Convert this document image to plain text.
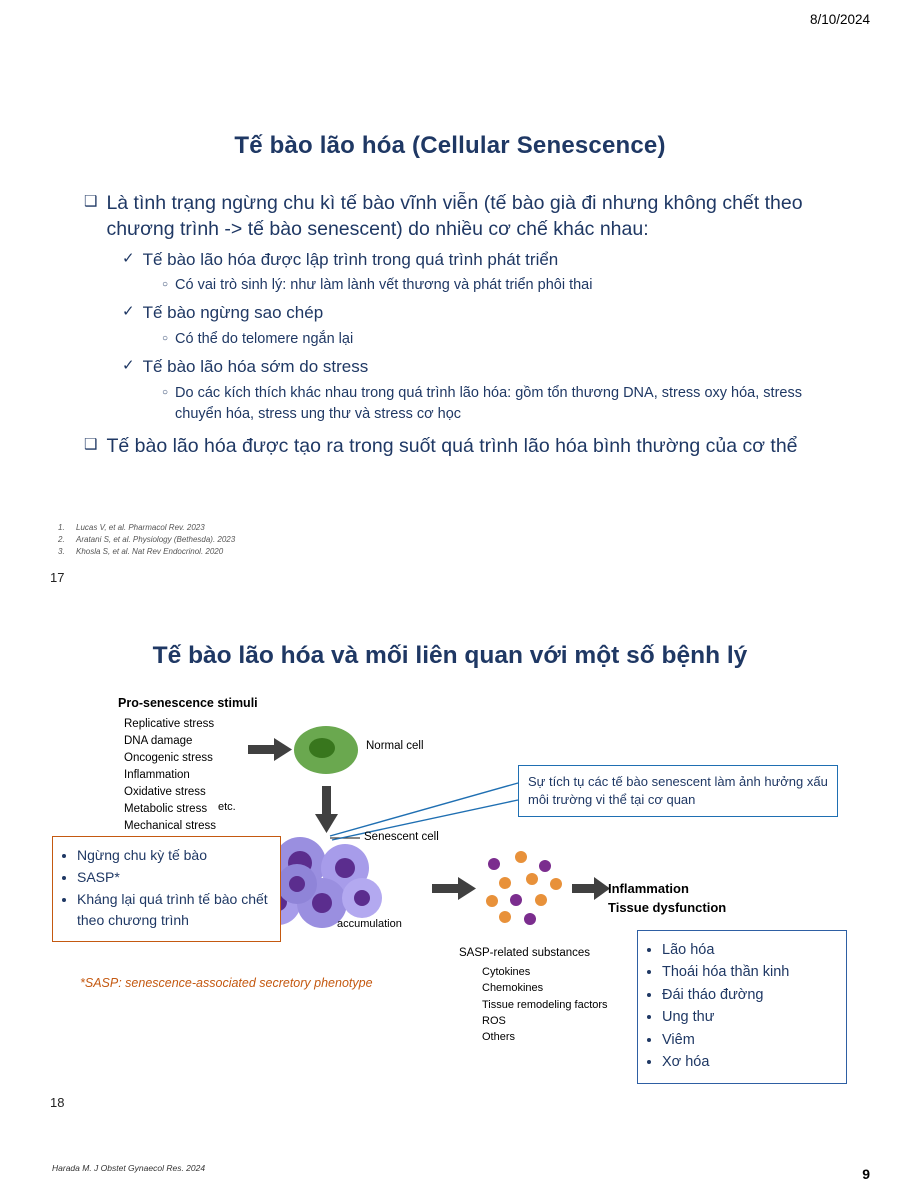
8/10/2024
Tế bào lão hóa (Cellular Senescence)
❑ Là tình trạng ngừng chu kì tế bào vĩnh viễn (tế bào già đi nhưng không chết theo chương trình -> tế bào senescent) do nhiều cơ chế khác nhau:
✓ Tế bào lão hóa được lập trình trong quá trình phát triển
○ Có vai trò sinh lý: như làm lành vết thương và phát triển phôi thai
✓ Tế bào ngừng sao chép
○ Có thể do telomere ngắn lại
✓ Tế bào lão hóa sớm do stress
○ Do các kích thích khác nhau trong quá trình lão hóa: gồm tổn thương DNA, stress oxy hóa, stress chuyển hóa, stress ung thư và stress cơ học
❑ Tế bào lão hóa được tạo ra trong suốt quá trình lão hóa bình thường của cơ thể
1.	Lucas V, et al. Pharmacol Rev. 2023
2.	Aratani S, et al. Physiology (Bethesda). 2023
3.	Khosla S, et al. Nat Rev Endocrinol. 2020
17
Tế bào lão hóa và mối liên quan với một số bệnh lý
Pro-senescence stimuli
Replicative stress
DNA damage
Oncogenic stress
Inflammation
Oxidative stress
Metabolic stress
Mechanical stress
etc.
Normal cell
Senescent cell
accumulation
SASP-related substances
Cytokines
Chemokines
Tissue remodeling factors
ROS
Others
Inflammation
Tissue dysfunction
Sự tích tụ các tế bào senescent làm ảnh hưởng xấu môi trường vi thể tại cơ quan
• Ngừng chu kỳ tế bào
• SASP*
• Kháng lại quá trình tế bào chết theo chương trình
• Lão hóa
• Thoái hóa thần kinh
• Đái tháo đường
• Ung thư
• Viêm
• Xơ hóa
*SASP: senescence-associated secretory phenotype
Harada M. J Obstet Gynaecol Res. 2024
18
9
